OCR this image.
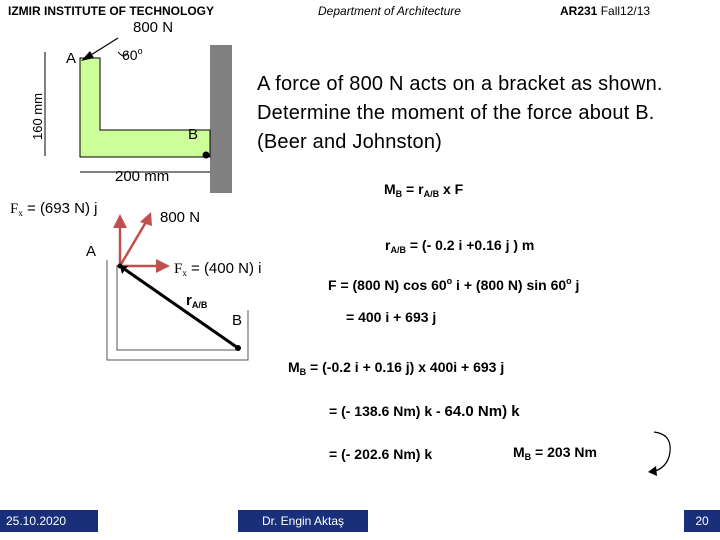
IZMIR INSTITUTE OF TECHNOLOGY	Department of Architecture	AR231 Fall12/13
160 mm
800 N
60$^o$
A
B
200 mm
A force of 800 N acts on a bracket as shown. Determine the moment of the force about B. (Beer and Johnston)
$F_x = (693$ N) j
800 N
A
$F_x = (400$ N) i
$r_{A/B}$
B
$M_B = r_{A/B}$ x F
$r_{A/B}$ = (- 0.2 i +0.16 j ) m
F = (800 N) cos 60$^o$ i + (800 N) sin 60$^o$ j
= 400 i + 693 j
$M_B = (-0.2$ i + 0.16 j) x 400i + 693 j
= (- 138.6 Nm) k - 64.0 Nm) k
= (- 202.6 Nm) k	$M_B = 203$ Nm
25.10.2020	Dr. Engin Aktaş	20
